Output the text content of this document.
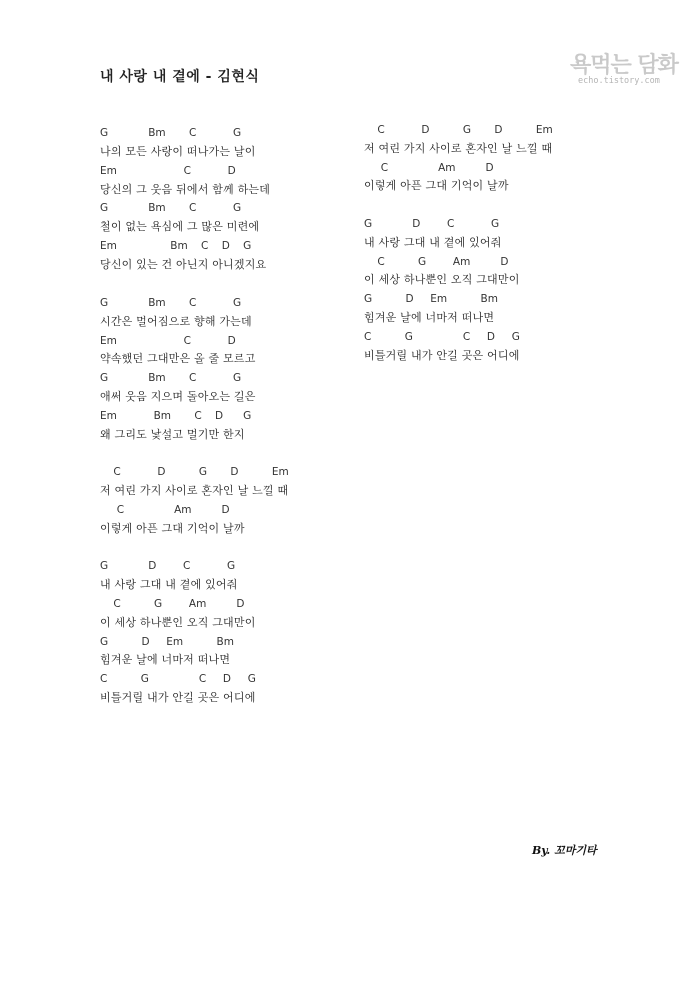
내 사랑 내 곁에 - 김현식	욕먹는 담화
echo.tistory.com
G            Bm       C           G
나의 모든 사랑이 떠나가는 날이
Em                    C           D
당신의 그 웃음 뒤에서 함께 하는데
G            Bm       C           G
철이 없는 욕심에 그 많은 미련에
Em                Bm    C    D    G
당신이 있는 건 아닌지 아니겠지요
G            Bm       C           G
시간은 멀어짐으로 향해 가는데
Em                    C           D
약속했던 그대만은 올 줄 모르고
G            Bm       C           G
애써 웃음 지으며 돌아오는 길은
Em           Bm       C    D      G
왜 그리도 낯설고 멀기만 한지
C           D          G       D          Em
저 여린 가지 사이로 혼자인 날 느낄 때
C               Am         D
이렇게 아픈 그대 기억이 날까
G            D        C           G
내 사랑 그대 내 곁에 있어줘
C          G        Am         D
이 세상 하나뿐인 오직 그대만이
G          D     Em          Bm
힘겨운 날에 너마저 떠나면
C          G               C     D     G
비틀거릴 내가 안길 곳은 어디에
C           D          G       D          Em
저 여린 가지 사이로 혼자인 날 느낄 때
C               Am         D
이렇게 아픈 그대 기억이 날까
G            D        C           G
내 사랑 그대 내 곁에 있어줘
C          G        Am         D
이 세상 하나뿐인 오직 그대만이
G          D     Em          Bm
힘겨운 날에 너마저 떠나면
C          G               C     D     G
비틀거릴 내가 안길 곳은 어디에
By. 꼬마기타
